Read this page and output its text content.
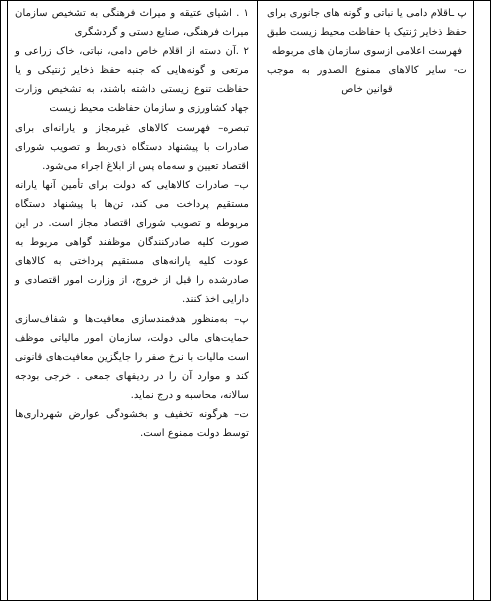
پ ـاقلام دامی یا نباتی و گونه های جانوری برای حفظ ذخایر ژنتیک یا حفاظت محیط زیست طبق فهرست اعلامی ازسوی سازمان های مربوطه

ت- سایر کالاهای ممنوع الصدور به موجب قوانین خاص

۱ . اشیای عتیقه و میراث فرهنگی به تشخیص سازمان میراث فرهنگی، صنایع دستی و گردشگری

۲ .آن دسته از اقلام خاص دامی، نباتی، خاک زراعی و مرتعی و گونه‌هایی که جنبه حفظ ذخایر ژنتیکی و یا حفاظت تنوع زیستی داشته باشند، به تشخیص وزارت جهاد کشاورزی و سازمان حفاظت محیط زیست

تبصره– فهرست کالاهای غیرمجاز و یارانه‌ای برای صادرات با پیشنهاد دستگاه ذی‌ربط و تصویب شورای اقتصاد تعیین و سه‌ماه پس از ابلاغ اجراء می‌شود.

ب– صادرات کالاهایی که دولت برای تأمین آنها یارانه مستقیم پرداخت می کند، تن‌ها با پیشنهاد دستگاه مربوطه و تصویب شورای اقتصاد مجاز است. در این صورت کلیه صادرکنندگان موظفند گواهی مربوط به عودت کلیه یارانه‌های مستقیم پرداختی به کالاهای صادرشده را قبل از خروج، از وزارت امور اقتصادی و دارایی اخذ کنند.

پ– به‌منظور هدفمندسازی معافیت‌ها و شفاف‌سازی حمایت‌های مالی دولت، سازمان امور مالیاتی موظف است مالیات با نرخ صفر را جایگزین معافیت‌های قانونی کند و موارد آن را در ردیفهای جمعی . خرجی بودجه سالانه، محاسبه و درج نماید.

ت– هرگونه تخفیف و بخشودگی عوارض شهرداری‌ها توسط دولت ممنوع است.
